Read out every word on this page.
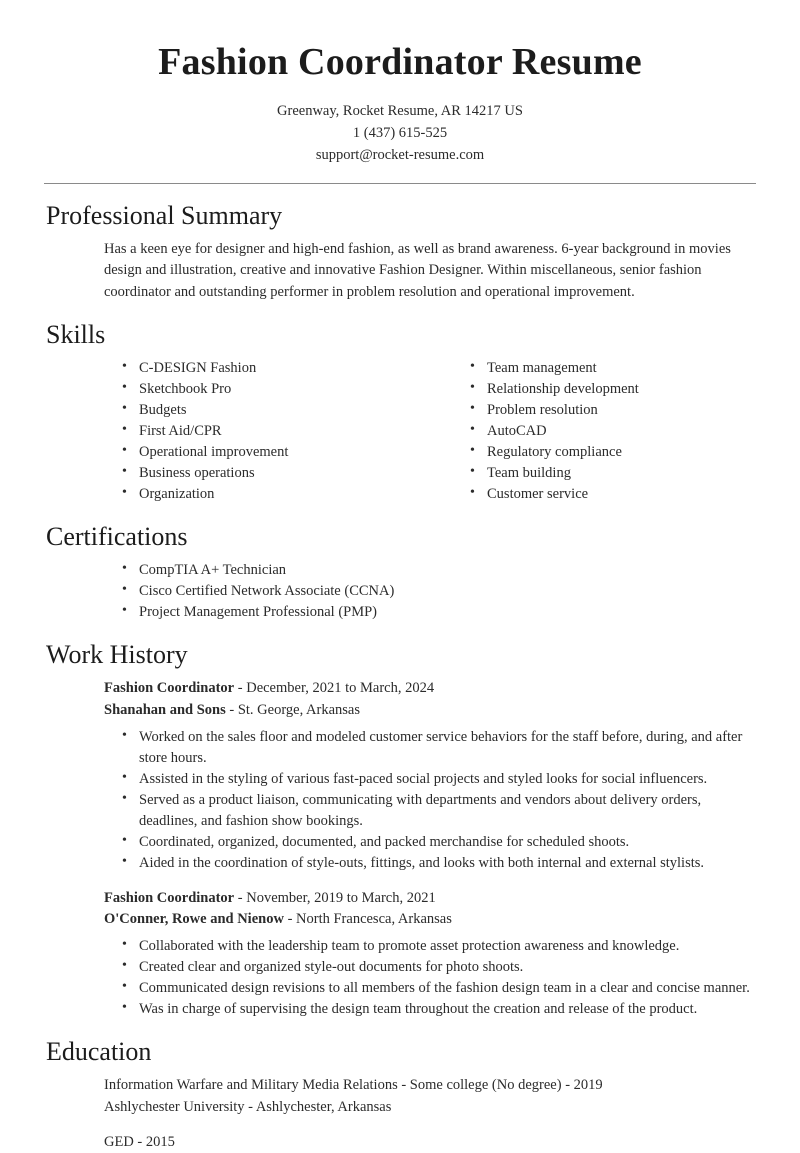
Fashion Coordinator Resume
Greenway, Rocket Resume, AR 14217 US
1 (437) 615-525
support@rocket-resume.com
Professional Summary

Has a keen eye for designer and high-end fashion, as well as brand awareness. 6-year background in movies design and illustration, creative and innovative Fashion Designer. Within miscellaneous, senior fashion coordinator and outstanding performer in problem resolution and operational improvement.

Skills
• C-DESIGN Fashion
• Sketchbook Pro
• Budgets
• First Aid/CPR
• Operational improvement
• Business operations
• Organization
• Team management
• Relationship development
• Problem resolution
• AutoCAD
• Regulatory compliance
• Team building
• Customer service
Certifications
• CompTIA A+ Technician
• Cisco Certified Network Associate (CCNA)
• Project Management Professional (PMP)
Work History
Fashion Coordinator - December, 2021 to March, 2024
Shanahan and Sons - St. George, Arkansas
• Worked on the sales floor and modeled customer service behaviors for the staff before, during, and after store hours.
• Assisted in the styling of various fast-paced social projects and styled looks for social influencers.
• Served as a product liaison, communicating with departments and vendors about delivery orders, deadlines, and fashion show bookings.
• Coordinated, organized, documented, and packed merchandise for scheduled shoots.
• Aided in the coordination of style-outs, fittings, and looks with both internal and external stylists.
Fashion Coordinator - November, 2019 to March, 2021
O'Conner, Rowe and Nienow - North Francesca, Arkansas
• Collaborated with the leadership team to promote asset protection awareness and knowledge.
• Created clear and organized style-out documents for photo shoots.
• Communicated design revisions to all members of the fashion design team in a clear and concise manner.
• Was in charge of supervising the design team throughout the creation and release of the product.
Education
Information Warfare and Military Media Relations - Some college (No degree) - 2019
Ashlychester University - Ashlychester, Arkansas
GED - 2015
